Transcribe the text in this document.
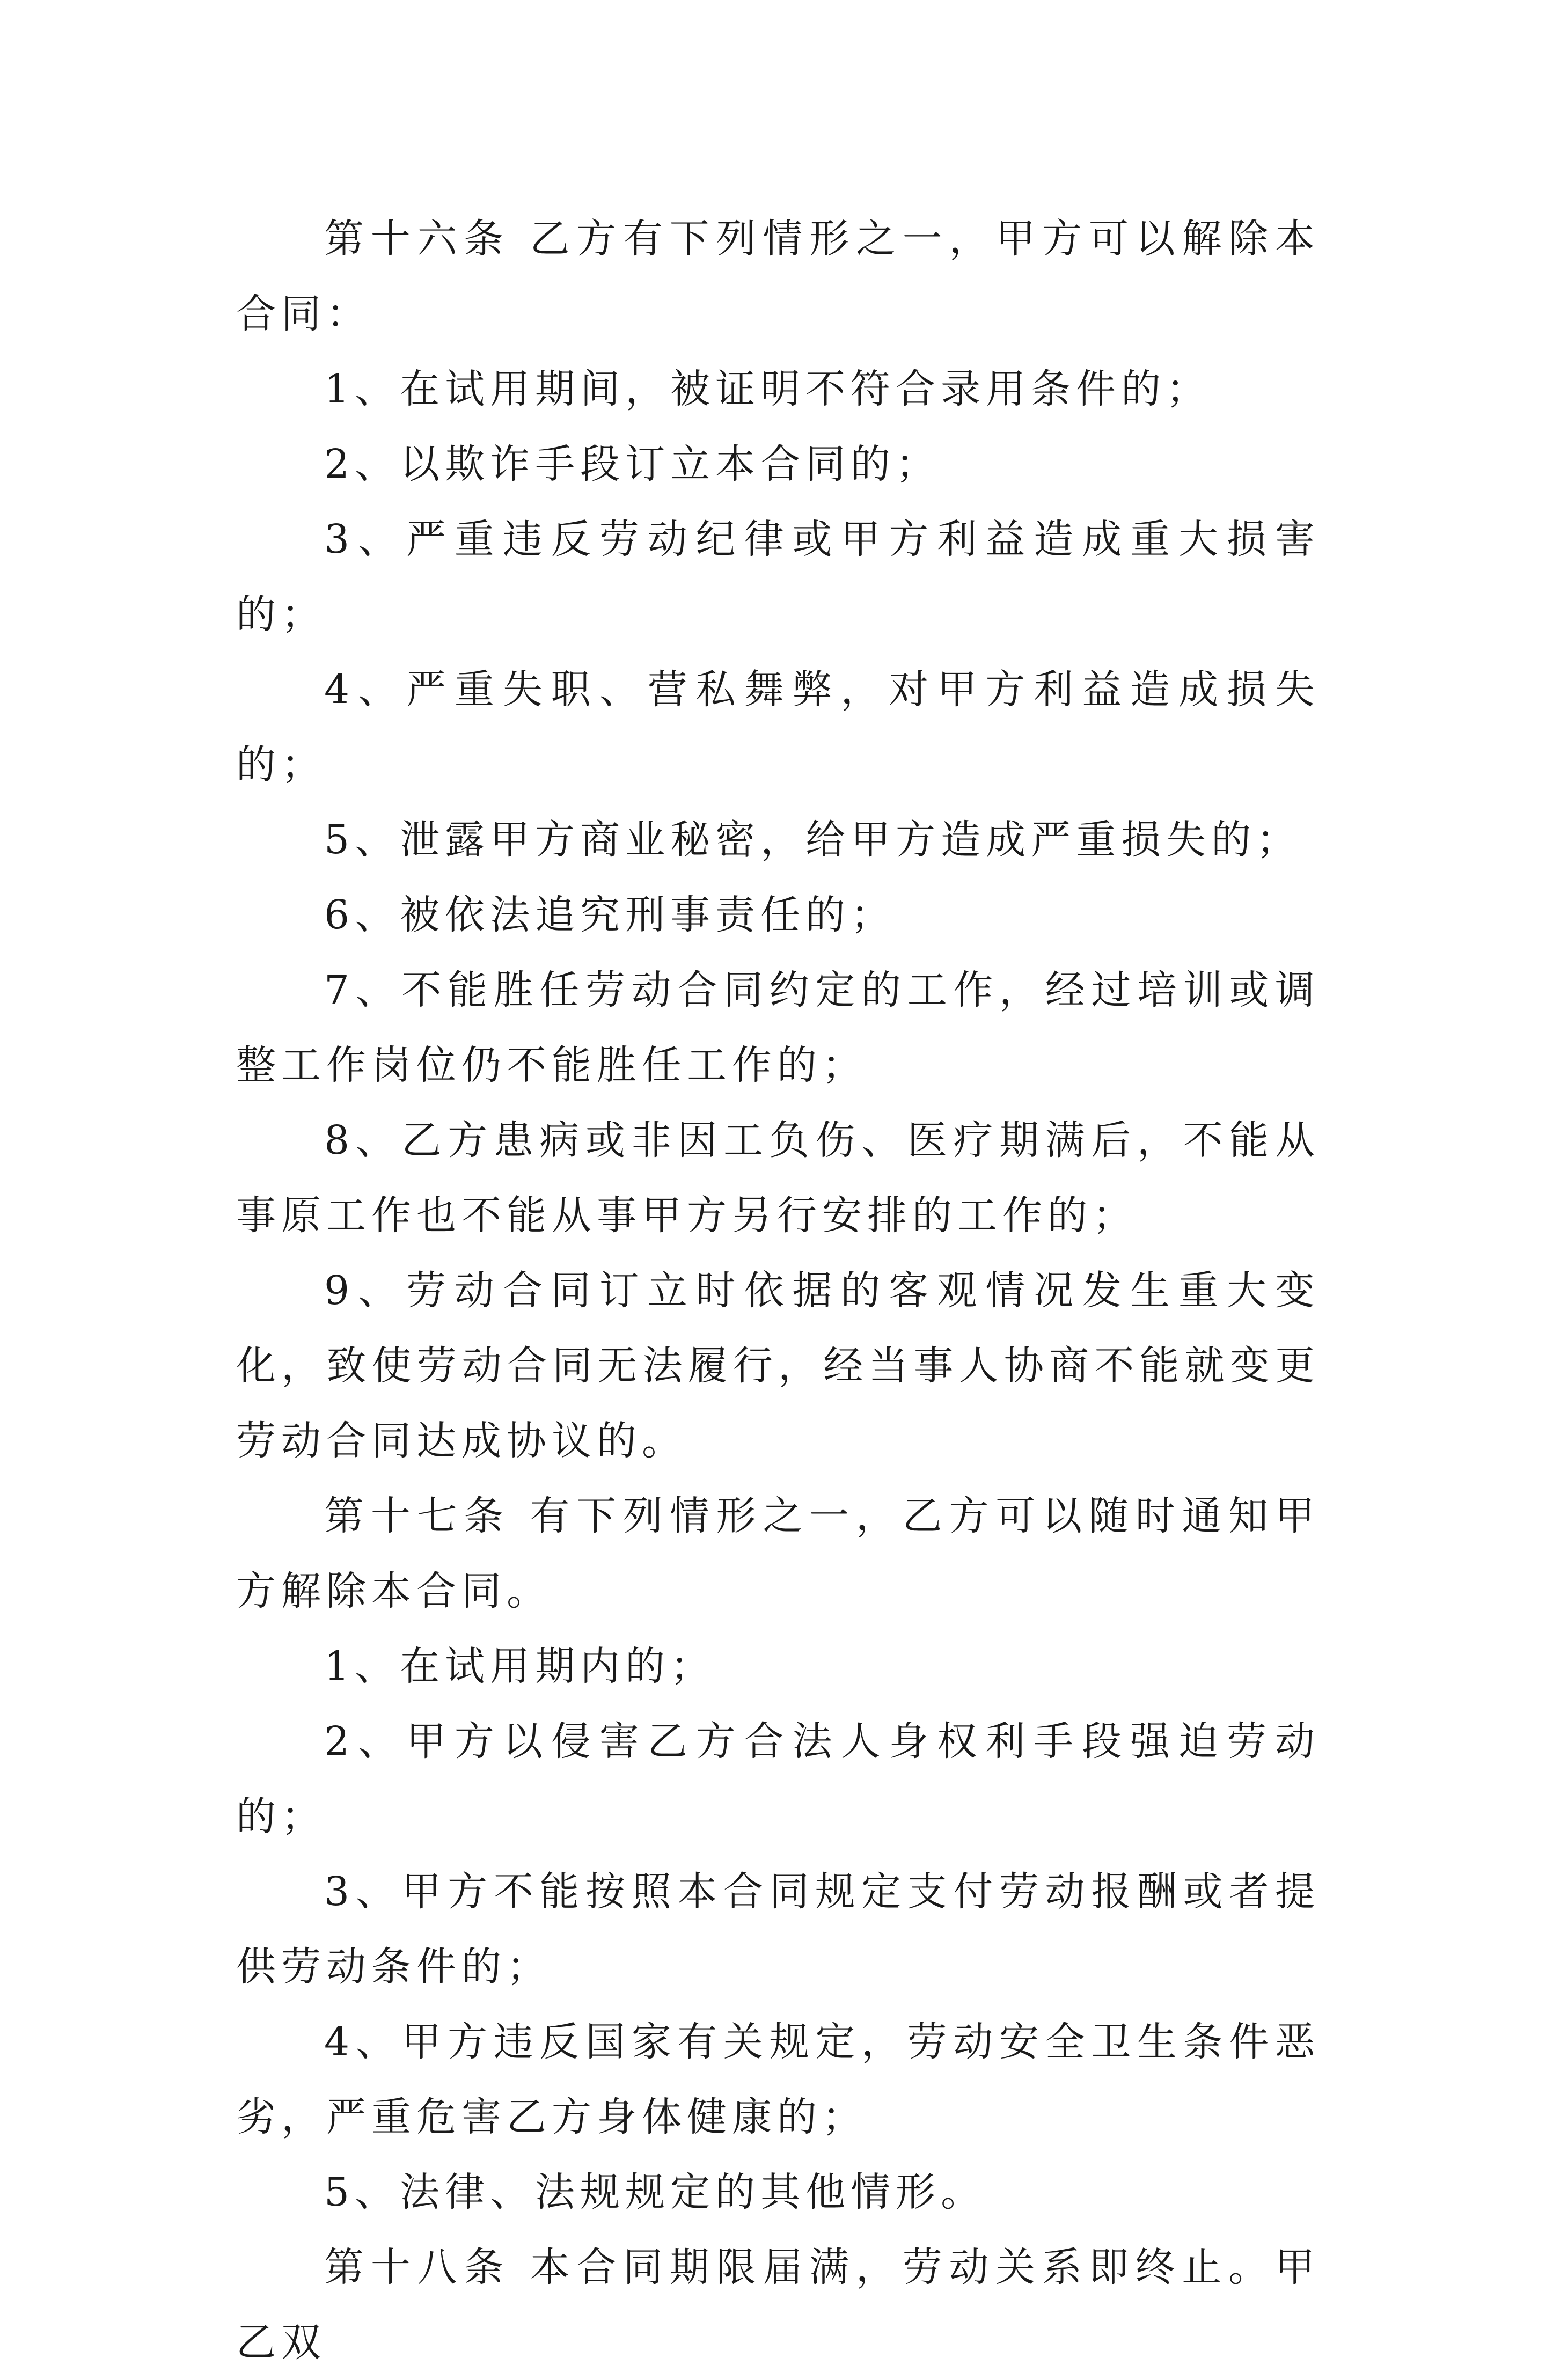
第十六条 乙方有下列情形之一，甲方可以解除本合同：

1、在试用期间，被证明不符合录用条件的；

2、以欺诈手段订立本合同的；

3、严重违反劳动纪律或甲方利益造成重大损害的；

4、严重失职、营私舞弊，对甲方利益造成损失的；

5、泄露甲方商业秘密，给甲方造成严重损失的；

6、被依法追究刑事责任的；

7、不能胜任劳动合同约定的工作，经过培训或调整工作岗位仍不能胜任工作的；

8、乙方患病或非因工负伤、医疗期满后，不能从事原工作也不能从事甲方另行安排的工作的；

9、劳动合同订立时依据的客观情况发生重大变化，致使劳动合同无法履行，经当事人协商不能就变更劳动合同达成协议的。

第十七条 有下列情形之一，乙方可以随时通知甲方解除本合同。

1、在试用期内的；

2、甲方以侵害乙方合法人身权利手段强迫劳动的；

3、甲方不能按照本合同规定支付劳动报酬或者提供劳动条件的；

4、甲方违反国家有关规定，劳动安全卫生条件恶劣，严重危害乙方身体健康的；

5、法律、法规规定的其他情形。

第十八条 本合同期限届满，劳动关系即终止。甲乙双
